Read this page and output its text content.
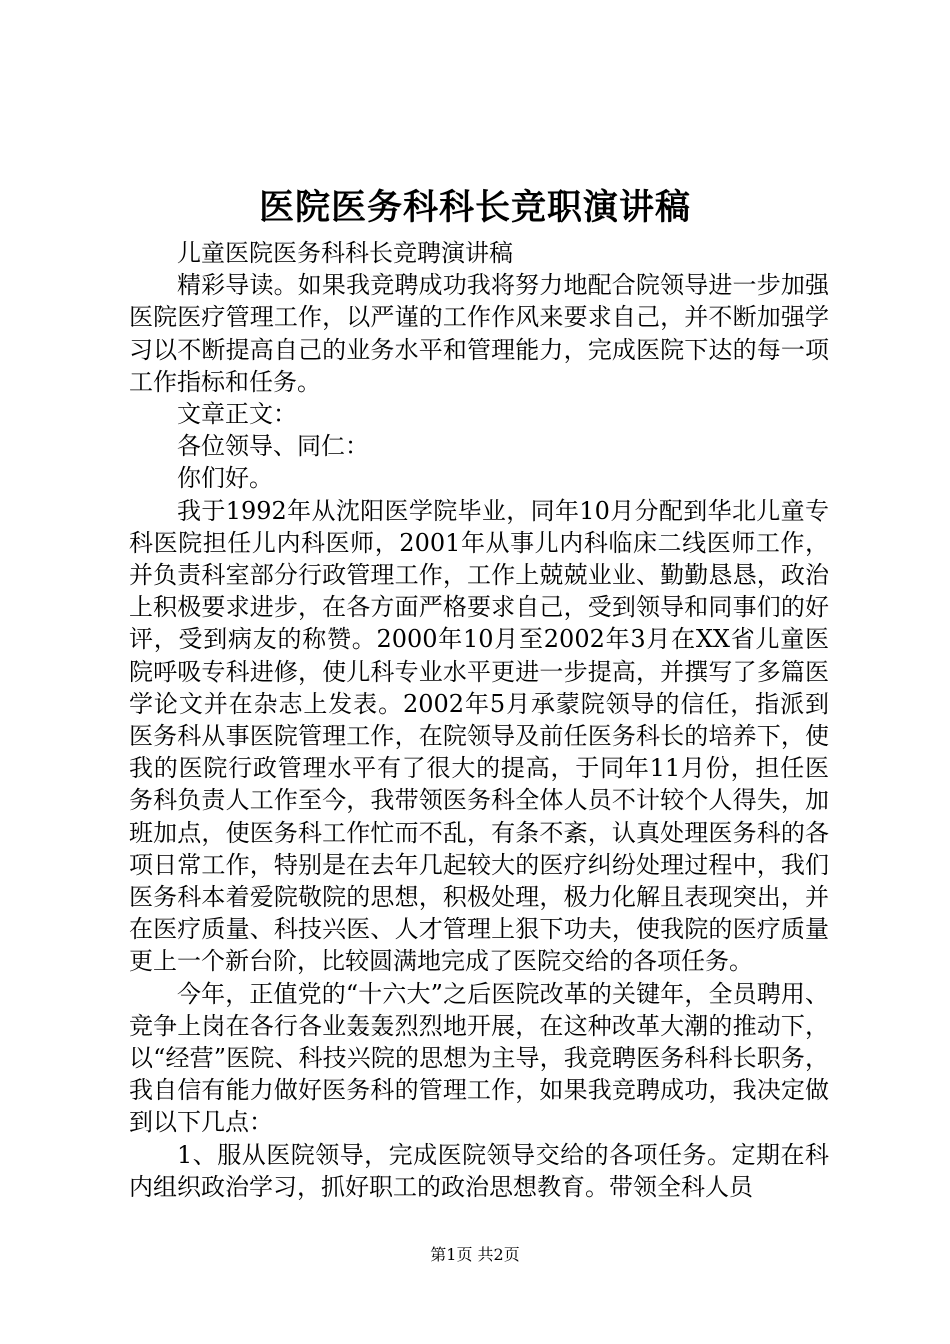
医院医务科科长竞职演讲稿

儿童医院医务科科长竞聘演讲稿

精彩导读。如果我竞聘成功我将努力地配合院领导进一步加强医院医疗管理工作，以严谨的工作作风来要求自己，并不断加强学习以不断提高自己的业务水平和管理能力，完成医院下达的每一项工作指标和任务。

文章正文：

各位领导、同仁：

你们好。

我于1992年从沈阳医学院毕业，同年10月分配到华北儿童专科医院担任儿内科医师，2001年从事儿内科临床二线医师工作，并负责科室部分行政管理工作，工作上兢兢业业、勤勤恳恳，政治上积极要求进步，在各方面严格要求自己，受到领导和同事们的好评，受到病友的称赞。2000年10月至2002年3月在XX省儿童医院呼吸专科进修，使儿科专业水平更进一步提高，并撰写了多篇医学论文并在杂志上发表。2002年5月承蒙院领导的信任，指派到医务科从事医院管理工作，在院领导及前任医务科长的培养下，使我的医院行政管理水平有了很大的提高，于同年11月份，担任医务科负责人工作至今，我带领医务科全体人员不计较个人得失，加班加点，使医务科工作忙而不乱，有条不紊，认真处理医务科的各项日常工作，特别是在去年几起较大的医疗纠纷处理过程中，我们医务科本着爱院敬院的思想，积极处理，极力化解且表现突出，并在医疗质量、科技兴医、人才管理上狠下功夫，使我院的医疗质量更上一个新台阶，比较圆满地完成了医院交给的各项任务。

今年，正值党的“十六大”之后医院改革的关键年，全员聘用、竞争上岗在各行各业轰轰烈烈地开展，在这种改革大潮的推动下，以“经营”医院、科技兴院的思想为主导，我竞聘医务科科长职务，我自信有能力做好医务科的管理工作，如果我竞聘成功，我决定做到以下几点：

1、服从医院领导，完成医院领导交给的各项任务。定期在科内组织政治学习，抓好职工的政治思想教育。带领全科人员

第1页 共2页
